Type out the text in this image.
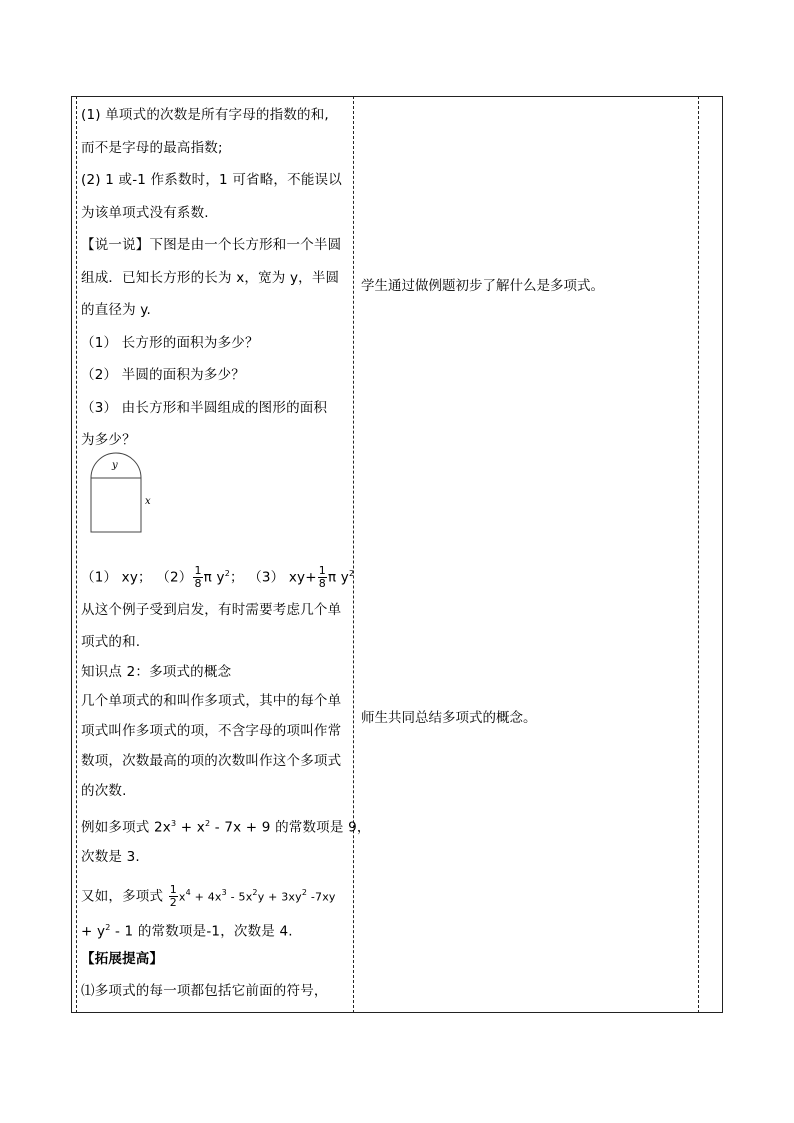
(1) 单项式的次数是所有字母的指数的和,
而不是字母的最高指数;
(2) 1 或-1 作系数时，1 可省略，不能误以
为该单项式没有系数.
【说一说】下图是由一个长方形和一个半圆
组成．已知长方形的长为 x，宽为 y，半圆
的直径为 y.
（1） 长方形的面积为多少？
（2） 半圆的面积为多少？
（3） 由长方形和半圆组成的图形的面积
为多少？
（1） xy； $(2) \frac{1}{8}$ π $y^2$； （3） $xy+ \frac{1}{8}$ π $y^2$
从这个例子受到启发，有时需要考虑几个单
项式的和.
知识点 2：多项式的概念
几个单项式的和叫作多项式，其中的每个单
项式叫作多项式的项，不含字母的项叫作常
数项，次数最高的项的次数叫作这个多项式
的次数.
例如多项式 $2x^3 + x^2 - 7x + 9$ 的常数项是 9，
次数是 3.
又如，多项式 $\frac{1}{2} x^4 + 4x^3 - 5x^2y + 3xy^2$ -7xy
+ $y^2 - 1$ 的常数项是-1，次数是 4.
【拓展提高】
⑴多项式的每一项都包括它前面的符号，
y
x
学生通过做例题初步了解什么是多项式。
师生共同总结多项式的概念。
